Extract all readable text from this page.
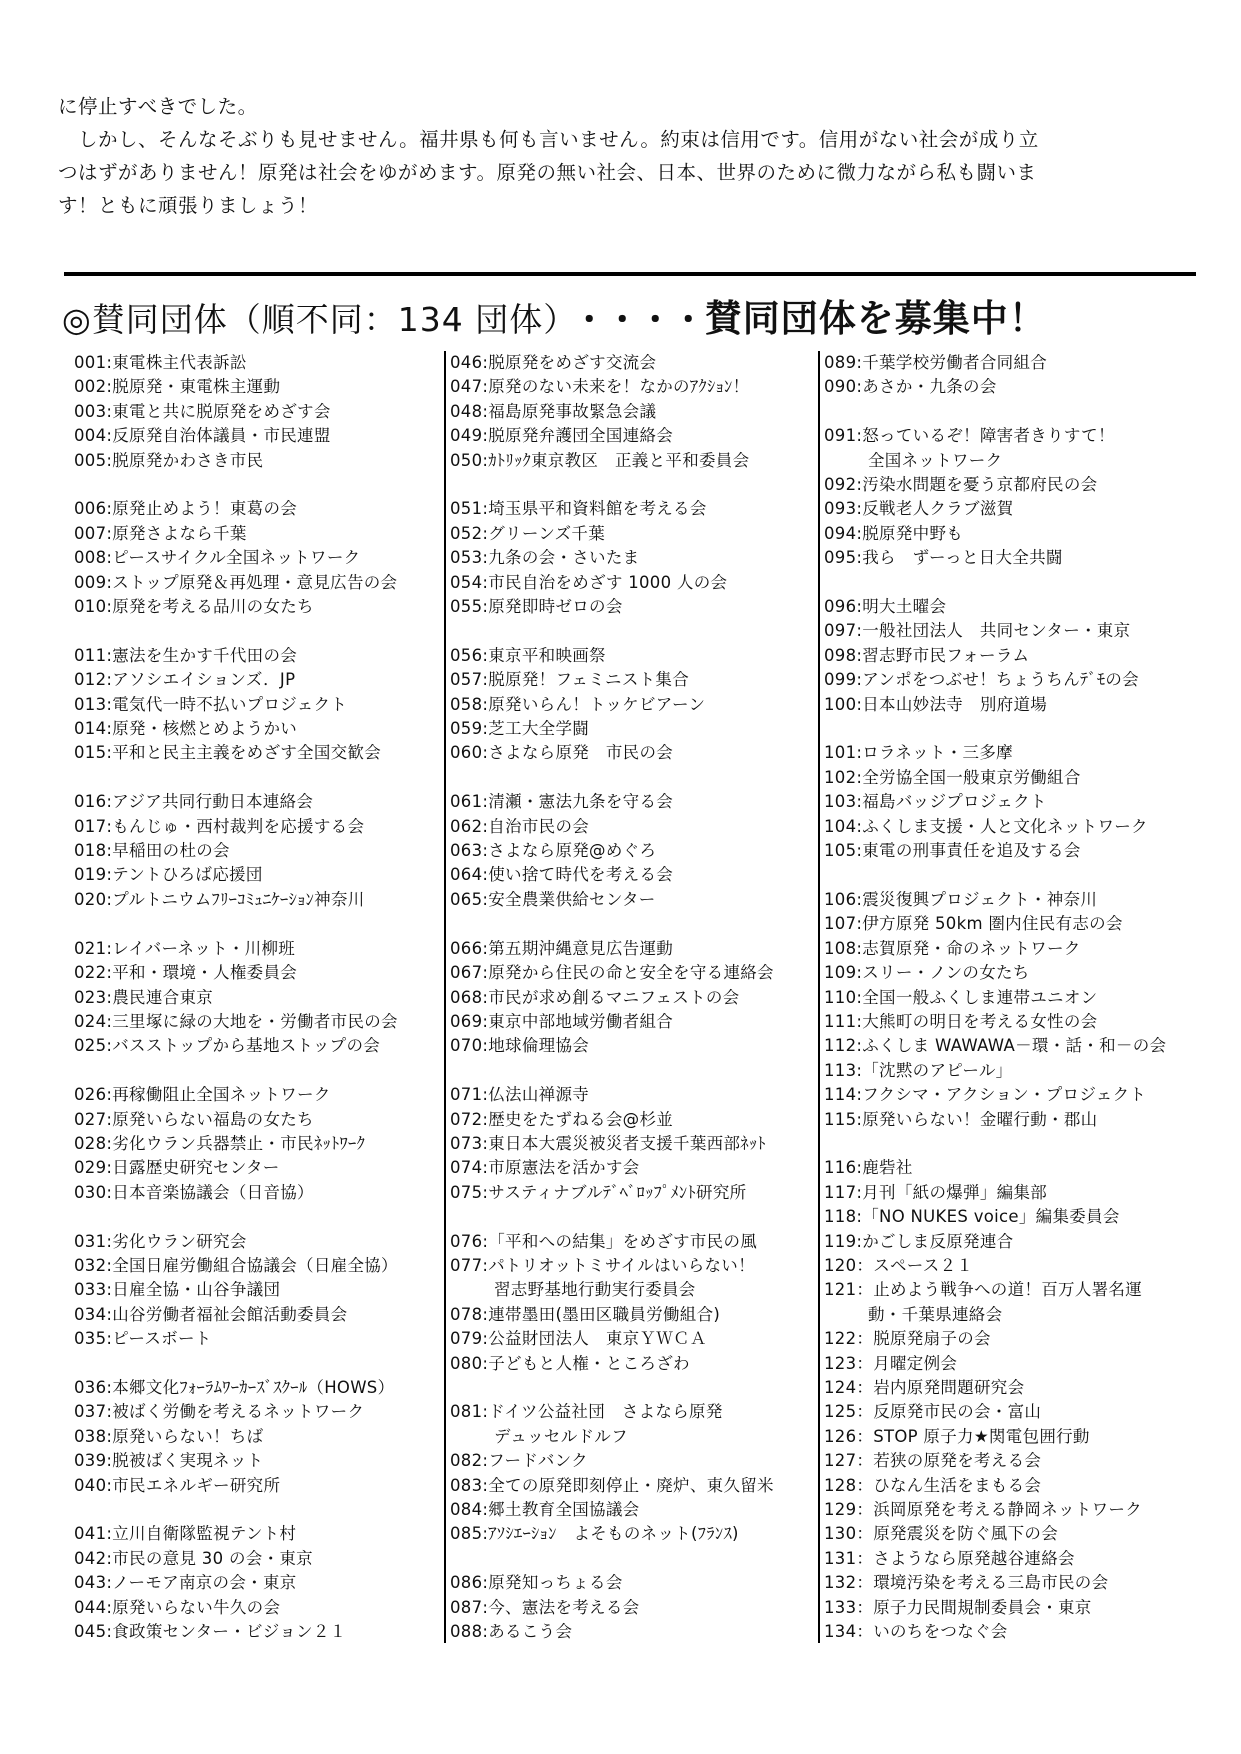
に停止すべきでした。

　しかし、そんなそぶりも見せません。福井県も何も言いません。約束は信用です。信用がない社会が成り立

つはずがありません！原発は社会をゆがめます。原発の無い社会、日本、世界のために微力ながら私も闘いま

す！ともに頑張りましょう！

◎賛同団体（順不同：134 団体） ・・・・賛同団体を募集中！
001:東電株主代表訴訟
002:脱原発・東電株主運動
003:東電と共に脱原発をめざす会
004:反原発自治体議員・市民連盟
005:脱原発かわさき市民
006:原発止めよう！東葛の会
007:原発さよなら千葉
008:ピースサイクル全国ネットワーク
009:ストップ原発＆再処理・意見広告の会
010:原発を考える品川の女たち
011:憲法を生かす千代田の会
012:アソシエイションズ．JP
013:電気代一時不払いプロジェクト
014:原発・核燃とめようかい
015:平和と民主主義をめざす全国交歓会
016:アジア共同行動日本連絡会
017:もんじゅ・西村裁判を応援する会
018:早稲田の杜の会
019:テントひろば応援団
020:プルトニウムﾌﾘｰｺﾐｭﾆｹｰｼｮﾝ神奈川
021:レイバーネット・川柳班
022:平和・環境・人権委員会
023:農民連合東京
024:三里塚に緑の大地を・労働者市民の会
025:バスストップから基地ストップの会
026:再稼働阻止全国ネットワーク
027:原発いらない福島の女たち
028:劣化ウラン兵器禁止・市民ﾈｯﾄﾜｰｸ
029:日露歴史研究センター
030:日本音楽協議会（日音協）
031:劣化ウラン研究会
032:全国日雇労働組合協議会（日雇全協）
033:日雇全協・山谷争議団
034:山谷労働者福祉会館活動委員会
035:ピースボート
036:本郷文化ﾌｫｰﾗﾑﾜｰｶｰｽﾞｽｸｰﾙ（HOWS）
037:被ばく労働を考えるネットワーク
038:原発いらない！ちば
039:脱被ばく実現ネット
040:市民エネルギー研究所
041:立川自衛隊監視テント村
042:市民の意見 30 の会・東京
043:ノーモア南京の会・東京
044:原発いらない牛久の会
045:食政策センター・ビジョン２１
046:脱原発をめざす交流会
047:原発のない未来を！なかのｱｸｼｮﾝ！
048:福島原発事故緊急会議
049:脱原発弁護団全国連絡会
050:ｶﾄﾘｯｸ東京教区　正義と平和委員会
051:埼玉県平和資料館を考える会
052:グリーンズ千葉
053:九条の会・さいたま
054:市民自治をめざす 1000 人の会
055:原発即時ゼロの会
056:東京平和映画祭
057:脱原発！フェミニスト集合
058:原発いらん！トッケビアーン
059:芝工大全学闘
060:さよなら原発　市民の会
061:清瀬・憲法九条を守る会
062:自治市民の会
063:さよなら原発@めぐろ
064:使い捨て時代を考える会
065:安全農業供給センター
066:第五期沖縄意見広告運動
067:原発から住民の命と安全を守る連絡会
068:市民が求め創るマニフェストの会
069:東京中部地域労働者組合
070:地球倫理協会
071:仏法山禅源寺
072:歴史をたずねる会@杉並
073:東日本大震災被災者支援千葉西部ﾈｯﾄ
074:市原憲法を活かす会
075:サスティナブルﾃﾞﾍﾞﾛｯﾌﾟﾒﾝﾄ研究所
076:「平和への結集」をめざす市民の風
077:パトリオットミサイルはいらない！
習志野基地行動実行委員会
078:連帯墨田(墨田区職員労働組合)
079:公益財団法人　東京ＹＷＣＡ
080:子どもと人権・ところざわ
081:ドイツ公益社団　さよなら原発
デュッセルドルフ
082:フードバンク
083:全ての原発即刻停止・廃炉、東久留米
084:郷土教育全国協議会
085:ｱｿｼｴｰｼｮﾝ　よそものネット(ﾌﾗﾝｽ)
086:原発知っちょる会
087:今、憲法を考える会
088:あるこう会
089:千葉学校労働者合同組合
090:あさか・九条の会
091:怒っているぞ！障害者きりすて！
全国ネットワーク
092:汚染水問題を憂う京都府民の会
093:反戦老人クラブ滋賀
094:脱原発中野も
095:我ら　ずーっと日大全共闘
096:明大土曜会
097:一般社団法人　共同センター・東京
098:習志野市民フォーラム
099:アンポをつぶせ！ちょうちんﾃﾞﾓの会
100:日本山妙法寺　別府道場
101:ロラネット・三多摩
102:全労協全国一般東京労働組合
103:福島バッジプロジェクト
104:ふくしま支援・人と文化ネットワーク
105:東電の刑事責任を追及する会
106:震災復興プロジェクト・神奈川
107:伊方原発 50km 圏内住民有志の会
108:志賀原発・命のネットワーク
109:スリー・ノンの女たち
110:全国一般ふくしま連帯ユニオン
111:大熊町の明日を考える女性の会
112:ふくしま WAWAWA－環・話・和－の会
113:「沈黙のアピール」
114:フクシマ・アクション・プロジェクト
115:原発いらない！金曜行動・郡山
116:鹿砦社
117:月刊「紙の爆弾」編集部
118:「NO NUKES voice」編集委員会
119:かごしま反原発連合
120：スペース２１
121：止めよう戦争への道！百万人署名運
動・千葉県連絡会
122：脱原発扇子の会
123：月曜定例会
124：岩内原発問題研究会
125：反原発市民の会・富山
126：STOP 原子力★関電包囲行動
127：若狭の原発を考える会
128：ひなん生活をまもる会
129：浜岡原発を考える静岡ネットワーク
130：原発震災を防ぐ風下の会
131：さようなら原発越谷連絡会
132：環境汚染を考える三島市民の会
133：原子力民間規制委員会・東京
134：いのちをつなぐ会
